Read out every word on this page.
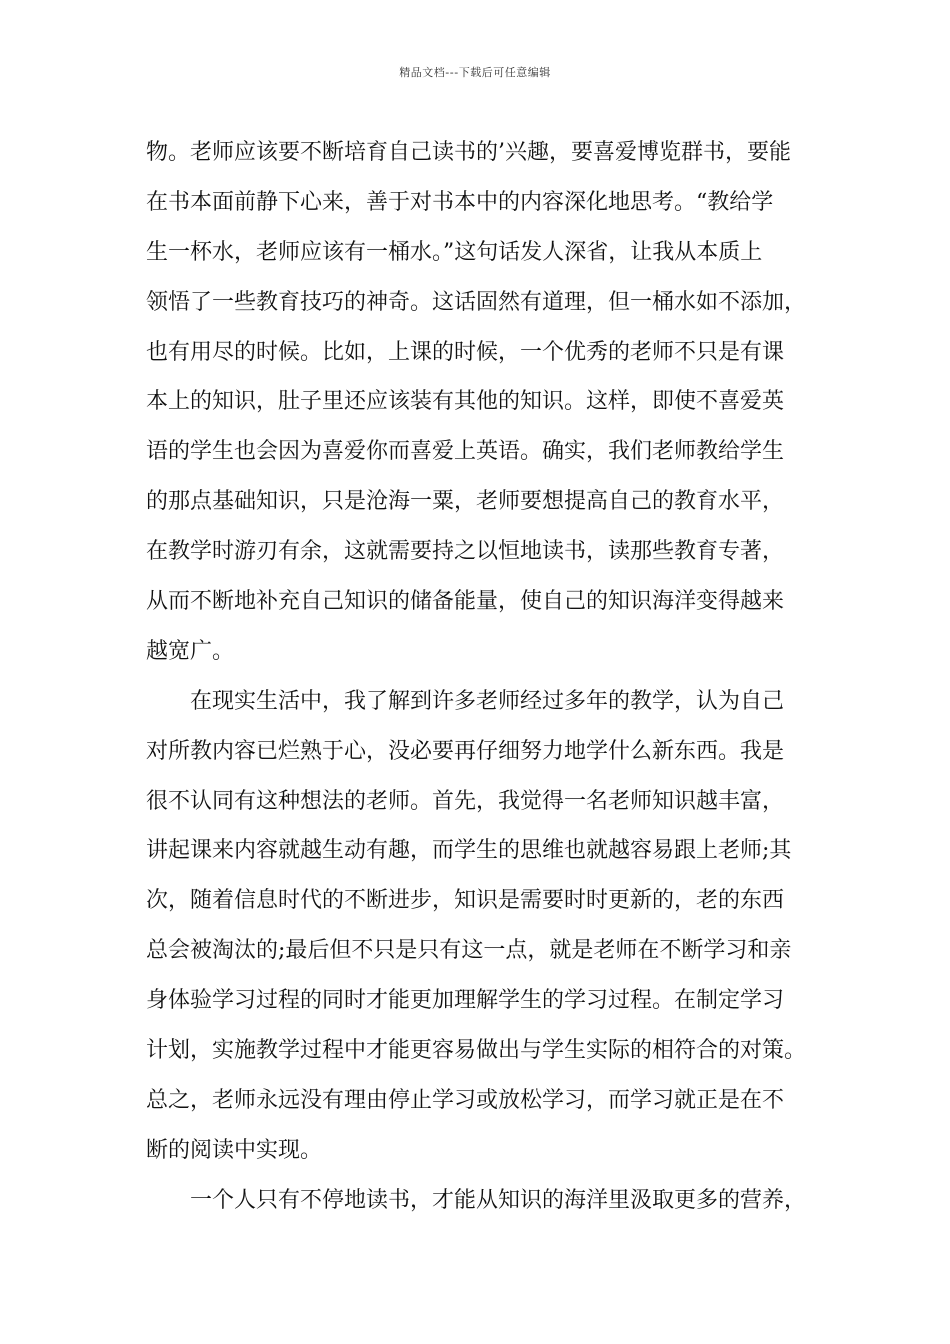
精品文档---下载后可任意编辑
物。老师应该要不断培育自己读书的’兴趣，要喜爱博览群书，要能
在书本面前静下心来，善于对书本中的内容深化地思考。“教给学
生一杯水，老师应该有一桶水。”这句话发人深省，让我从本质上
领悟了一些教育技巧的神奇。这话固然有道理，但一桶水如不添加，
也有用尽的时候。比如，上课的时候，一个优秀的老师不只是有课
本上的知识，肚子里还应该装有其他的知识。这样，即使不喜爱英
语的学生也会因为喜爱你而喜爱上英语。确实，我们老师教给学生
的那点基础知识，只是沧海一粟，老师要想提高自己的教育水平，
在教学时游刃有余，这就需要持之以恒地读书，读那些教育专著，
从而不断地补充自己知识的储备能量，使自己的知识海洋变得越来
越宽广。
在现实生活中，我了解到许多老师经过多年的教学，认为自己
对所教内容已烂熟于心，没必要再仔细努力地学什么新东西。我是
很不认同有这种想法的老师。首先，我觉得一名老师知识越丰富，
讲起课来内容就越生动有趣，而学生的思维也就越容易跟上老师;其
次，随着信息时代的不断进步，知识是需要时时更新的，老的东西
总会被淘汰的;最后但不只是只有这一点，就是老师在不断学习和亲
身体验学习过程的同时才能更加理解学生的学习过程。在制定学习
计划，实施教学过程中才能更容易做出与学生实际的相符合的对策。
总之，老师永远没有理由停止学习或放松学习，而学习就正是在不
断的阅读中实现。
一个人只有不停地读书，才能从知识的海洋里汲取更多的营养，
